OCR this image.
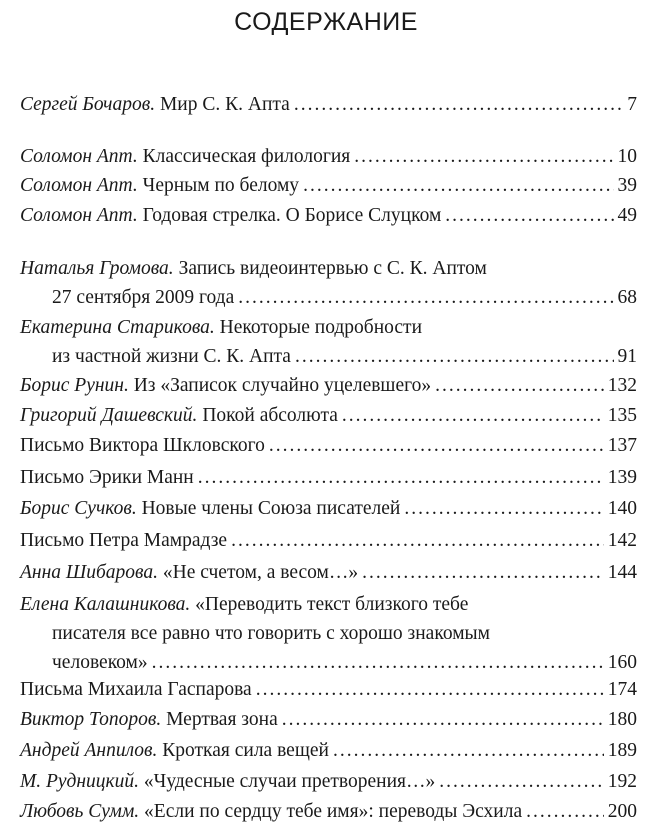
СОДЕРЖАНИЕ
Сергей Бочаров.
Мир С. К. Апта .....	7
Соломон Апт.
Классическая филология .....	10
Соломон Апт.
Черным по белому .....	39
Соломон Апт.
Годовая стрелка. О Борисе Слуцком .....	49
Наталья Громова.
Запись видеоинтервью с С. К. Аптом
27 сентября 2009 года .....	68
Екатерина Старикова.
Некоторые подробности
из частной жизни С. К. Апта .....	91
Борис Рунин.
Из «Записок случайно уцелевшего» .....	132
Григорий Дашевский.
Покой абсолюта .....	135
Письмо Виктора Шкловского .....	137
Письмо Эрики Манн .....	139
Борис Сучков.
Новые члены Союза писателей .....	140
Письмо Петра Мамрадзе .....	142
Анна Шибарова.
«Не счетом, а весом…» .....	144
Елена Калашникова.
«Переводить текст близкого тебе
писателя все равно что говорить с хорошо знакомым
человеком» .....	160
Письма Михаила Гаспарова .....	174
Виктор Топоров.
Мертвая зона .....	180
Андрей Анпилов.
Кроткая сила вещей .....	189
М. Рудницкий.
«Чудесные случаи претворения…» .....	192
Любовь Сумм.
«Если по сердцу тебе имя»: переводы Эсхила .....	200
